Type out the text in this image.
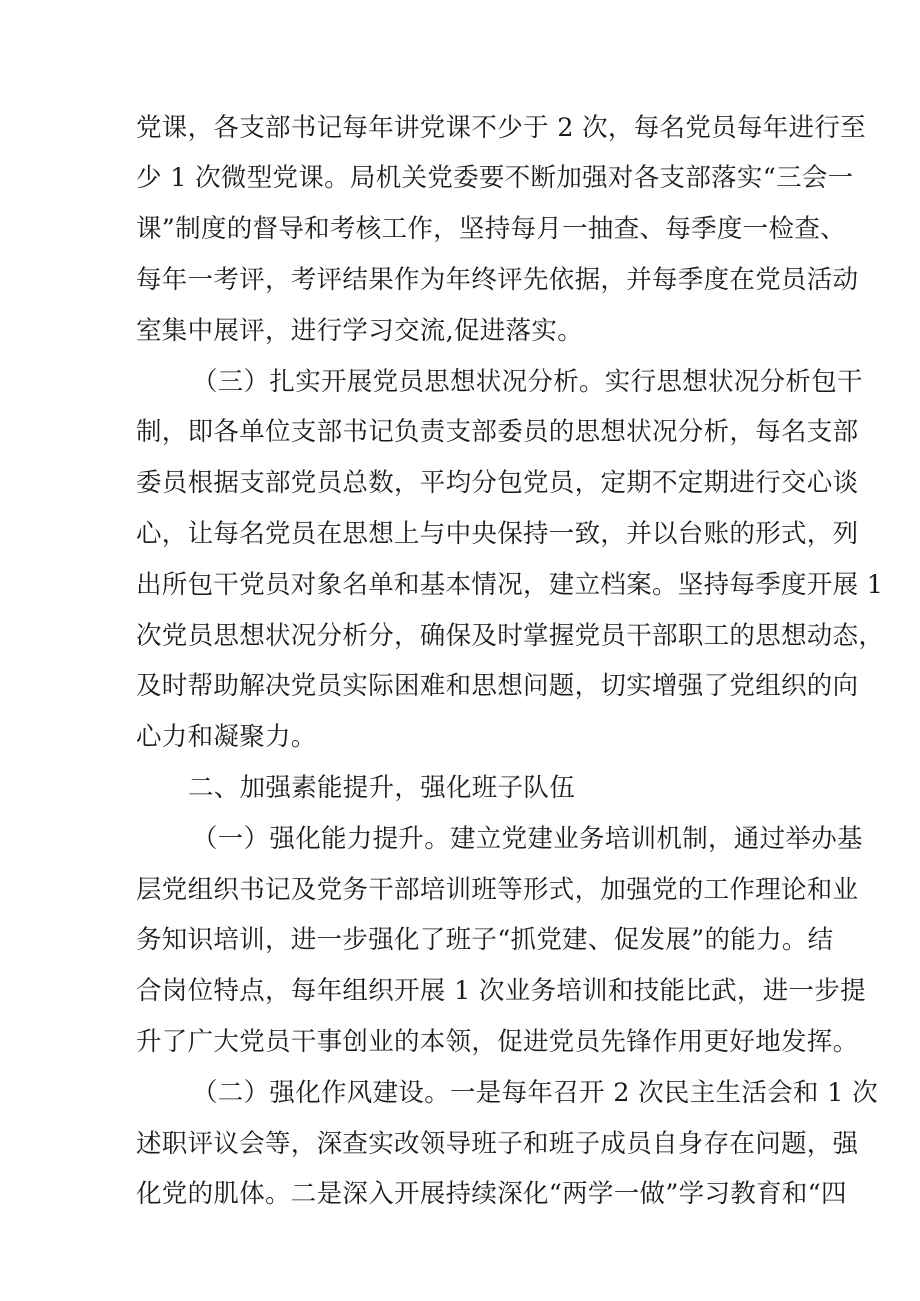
党课，各支部书记每年讲党课不少于 2 次，每名党员每年进行至
少 1 次微型党课。局机关党委要不断加强对各支部落实“三会一
课”制度的督导和考核工作，坚持每月一抽查、每季度一检查、
每年一考评，考评结果作为年终评先依据，并每季度在党员活动
室集中展评，进行学习交流,促进落实。
（三）扎实开展党员思想状况分析。实行思想状况分析包干
制，即各单位支部书记负责支部委员的思想状况分析，每名支部
委员根据支部党员总数，平均分包党员，定期不定期进行交心谈
心，让每名党员在思想上与中央保持一致，并以台账的形式，列
出所包干党员对象名单和基本情况，建立档案。坚持每季度开展 1
次党员思想状况分析分，确保及时掌握党员干部职工的思想动态，
及时帮助解决党员实际困难和思想问题，切实增强了党组织的向
心力和凝聚力。
二、加强素能提升，强化班子队伍
（一）强化能力提升。建立党建业务培训机制，通过举办基
层党组织书记及党务干部培训班等形式，加强党的工作理论和业
务知识培训，进一步强化了班子“抓党建、促发展”的能力。结
合岗位特点，每年组织开展 1 次业务培训和技能比武，进一步提
升了广大党员干事创业的本领，促进党员先锋作用更好地发挥。
（二）强化作风建设。一是每年召开 2 次民主生活会和 1 次
述职评议会等，深查实改领导班子和班子成员自身存在问题，强
化党的肌体。二是深入开展持续深化“两学一做”学习教育和“四
